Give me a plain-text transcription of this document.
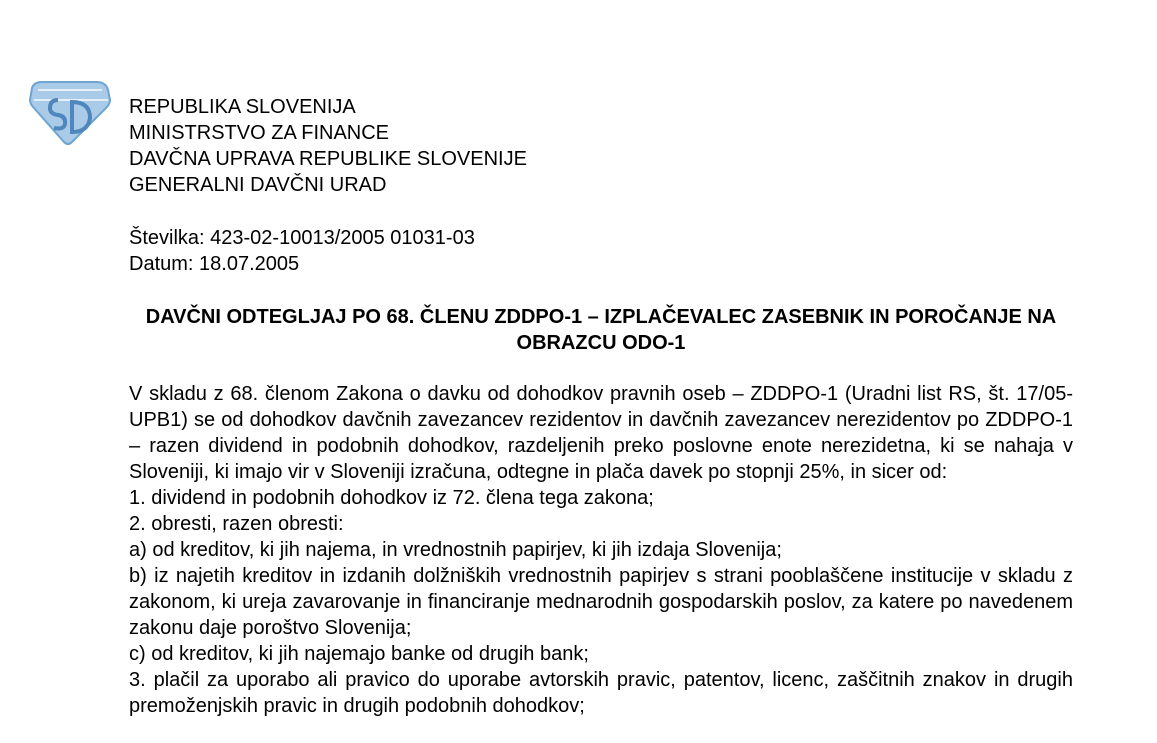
REPUBLIKA SLOVENIJA
MINISTRSTVO ZA FINANCE
DAVČNA UPRAVA REPUBLIKE SLOVENIJE
GENERALNI DAVČNI URAD
Številka: 423-02-10013/2005 01031-03
Datum: 18.07.2005
DAVČNI ODTEGLJAJ PO 68. ČLENU ZDDPO-1 – IZPLAČEVALEC ZASEBNIK IN POROČANJE NA OBRAZCU ODO-1
V skladu z 68. členom Zakona o davku od dohodkov pravnih oseb – ZDDPO-1 (Uradni list RS, št. 17/05-UPB1) se od dohodkov davčnih zavezancev rezidentov in davčnih zavezancev nerezidentov po ZDDPO-1 – razen dividend in podobnih dohodkov, razdeljenih preko poslovne enote nerezidetna, ki se nahaja v Sloveniji, ki imajo vir v Sloveniji izračuna, odtegne in plača davek po stopnji 25%, in sicer od:
1. dividend in podobnih dohodkov iz 72. člena tega zakona;
2. obresti, razen obresti:
a) od kreditov, ki jih najema, in vrednostnih papirjev, ki jih izdaja Slovenija;
b) iz najetih kreditov in izdanih dolžniških vrednostnih papirjev s strani pooblaščene institucije v skladu z zakonom, ki ureja zavarovanje in financiranje mednarodnih gospodarskih poslov, za katere po navedenem zakonu daje poroštvo Slovenija;
c) od kreditov, ki jih najemajo banke od drugih bank;
3. plačil za uporabo ali pravico do uporabe avtorskih pravic, patentov, licenc, zaščitnih znakov in drugih premoženjskih pravic in drugih podobnih dohodkov;
